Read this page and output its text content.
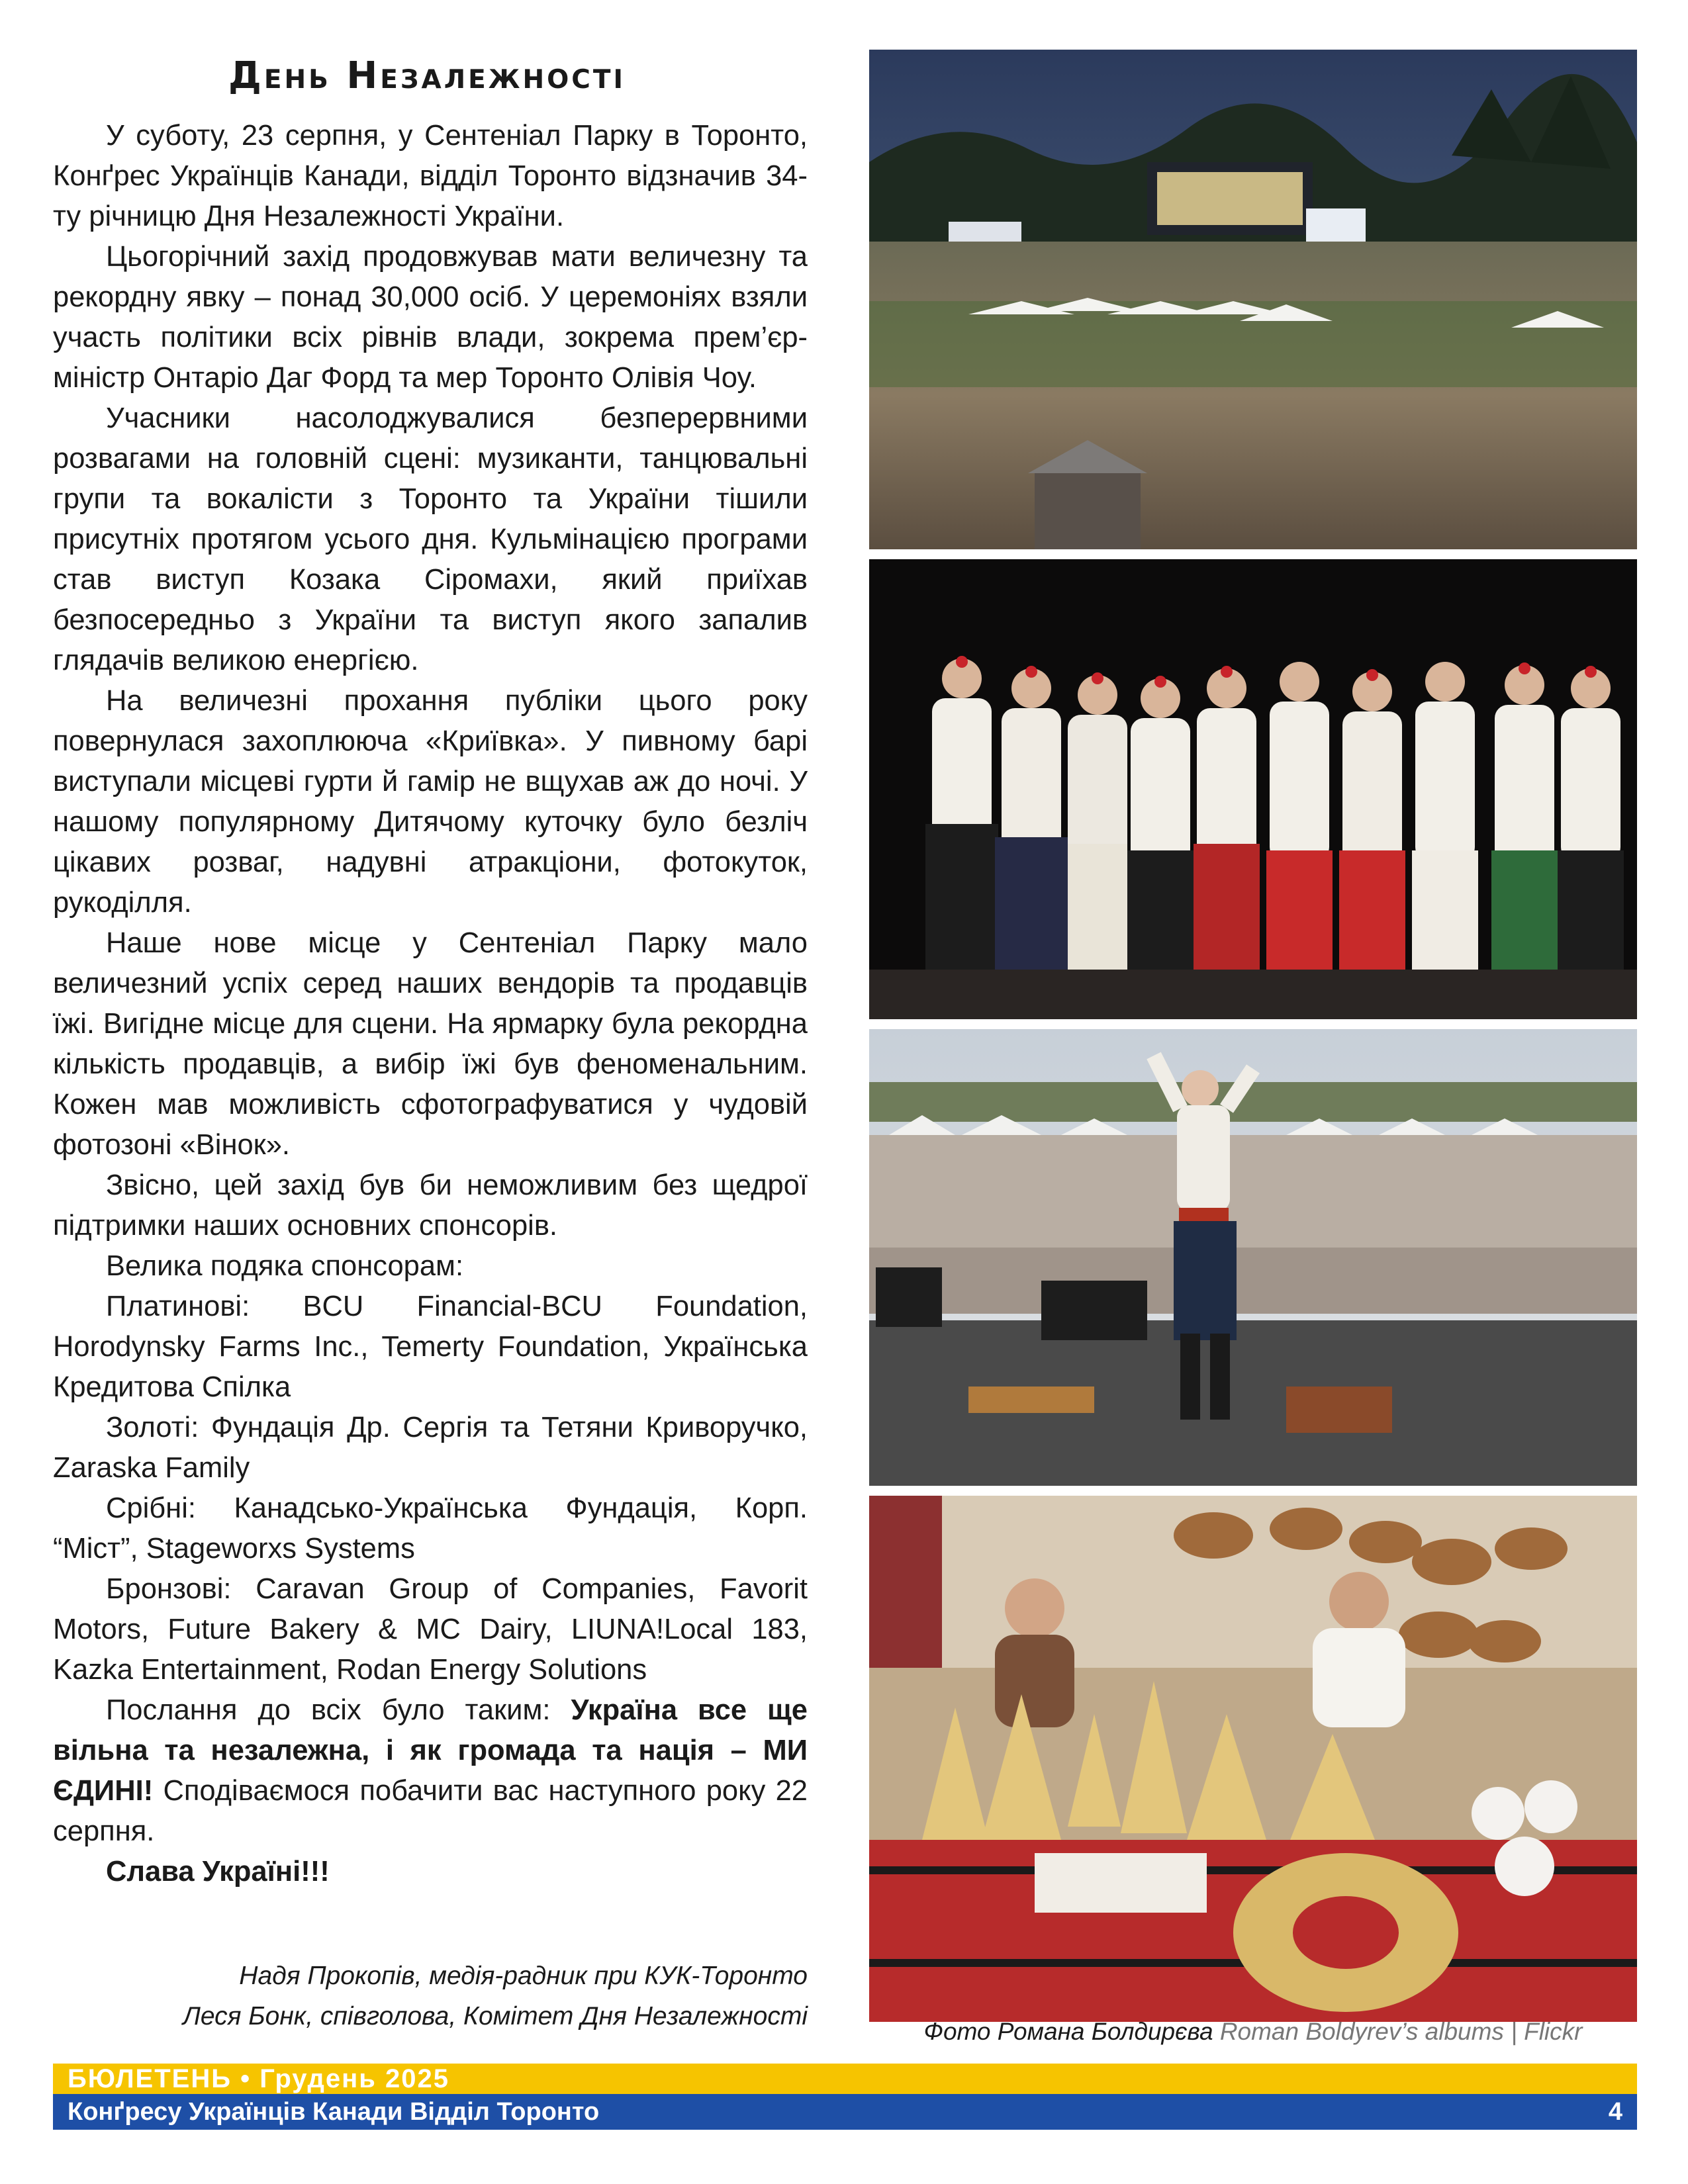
День Незалежності

У суботу, 23 серпня, у Сентеніал Парку в Торонто, Конґрес Українців Канади, відділ Торонто відзначив 34-ту річницю Дня Незалежності України.

Цьогорічний захід продовжував мати величезну та рекордну явку – понад 30,000 осіб. У церемоніях взяли участь політики всіх рівнів влади, зокрема прем’єр-міністр Онтаріо Даг Форд та мер Торонто Олівія Чоу.

Учасники насолоджувалися безперервними розвагами на головній сцені: музиканти, танцювальні групи та вокалісти з Торонто та України тішили присутніх протягом усього дня. Кульмінацією програми став виступ Козака Сіромахи, який приїхав безпосередньо з України та виступ якого запалив глядачів великою енергією.

На величезні прохання публіки цього року повернулася захоплююча «Криївка». У пивному барі виступали місцеві гурти й гамір не вщухав аж до ночі. У нашому популярному Дитячому куточку було безліч цікавих розваг, надувні атракціони, фотокуток, рукоділля.

Наше нове місце у Сентеніал Парку мало величезний успіх серед наших вендорів та продавців їжі. Вигідне місце для сцени. На ярмарку була рекордна кількість продавців, а вибір їжі був феноменальним. Кожен мав можливість сфотографуватися у чудовій фотозоні «Вінок».

Звісно, цей захід був би неможливим без щедрої підтримки наших основних спонсорів.

Велика подяка спонсорам:

Платинові: BCU Financial-BCU Foundation, Horodynsky Farms Inc., Temerty Foundation, Українська Кредитова Спілка

Золоті: Фундація Др. Сергія та Тетяни Криворучко, Zaraska Family

Срібні: Канадсько-Українська Фундація, Корп. “Міст”, Stageworxs Systems

Бронзові: Caravan Group of Companies, Favorit Motors, Future Bakery & MC Dairy, LIUNA!Local 183, Kazka Entertainment, Rodan Energy Solutions

Послання до всіх було таким: Україна все ще вільна та незалежна, і як громада та нація – МИ ЄДИНІ! Сподіваємося побачити вас наступного року 22 серпня.

Слава Україні!!!

Надя Прокопів, медія-радник при КУК-Торонто
Леся Бонк, співголова, Комітет Дня Незалежності
Фото Романа Болдирєва Roman Boldyrev’s albums | Flickr
БЮЛЕТЕНЬ • Грудень 2025
Конґресу Українців Канади Відділ Торонто	4
